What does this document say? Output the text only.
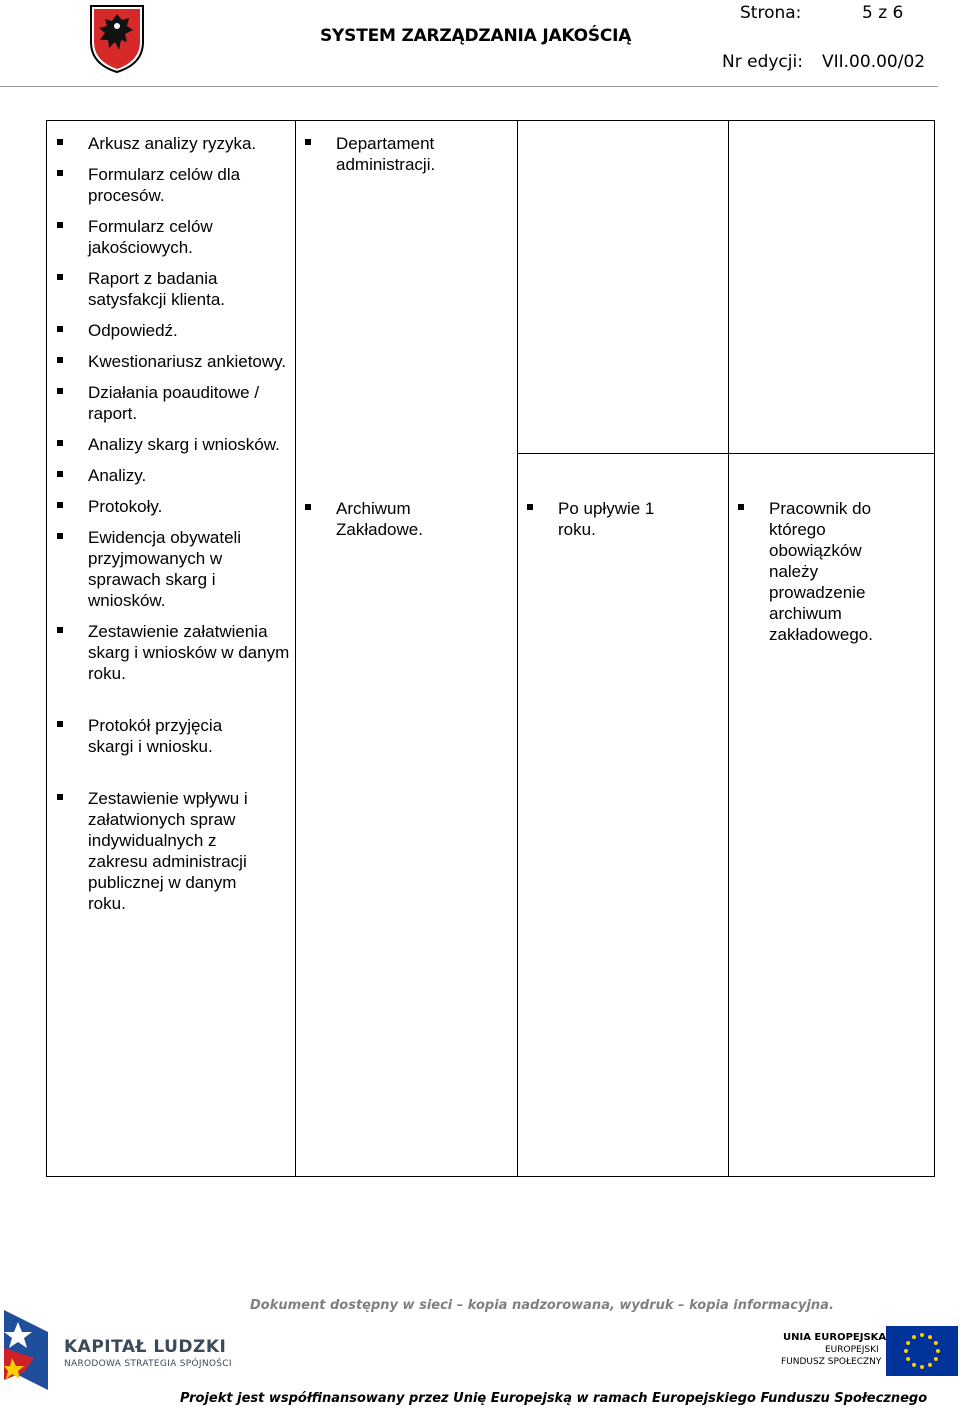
SYSTEM ZARZĄDZANIA JAKOŚCIĄ
Strona:	5 z 6
Nr edycji: VII.00.00/02
Arkusz analizy ryzyka.
Formularz celów dla procesów.
Formularz celów jakościowych.
Raport z badania satysfakcji klienta.
Odpowiedź.
Kwestionariusz ankietowy.
Działania poauditowe / raport.
Analizy skarg i wniosków.
Analizy.
Protokoły.
Ewidencja obywateli przyjmowanych w sprawach skarg i wniosków.
Zestawienie załatwienia skarg i wniosków w danym roku.
Protokół przyjęcia skargi i wniosku.
Zestawienie wpływu i załatwionych spraw indywidualnych z zakresu administracji publicznej w danym roku.
Departament administracji.
Archiwum Zakładowe.
Po upływie 1 roku.
Pracownik do którego obowiązków należy prowadzenie archiwum zakładowego.
Dokument dostępny w sieci – kopia nadzorowana, wydruk – kopia informacyjna.
KAPITAŁ LUDZKI
NARODOWA STRATEGIA SPÓJNOŚCI
UNIA EUROPEJSKA
EUROPEJSKI
FUNDUSZ SPOŁECZNY
Projekt jest współfinansowany przez Unię Europejską w ramach Europejskiego Funduszu Społecznego
